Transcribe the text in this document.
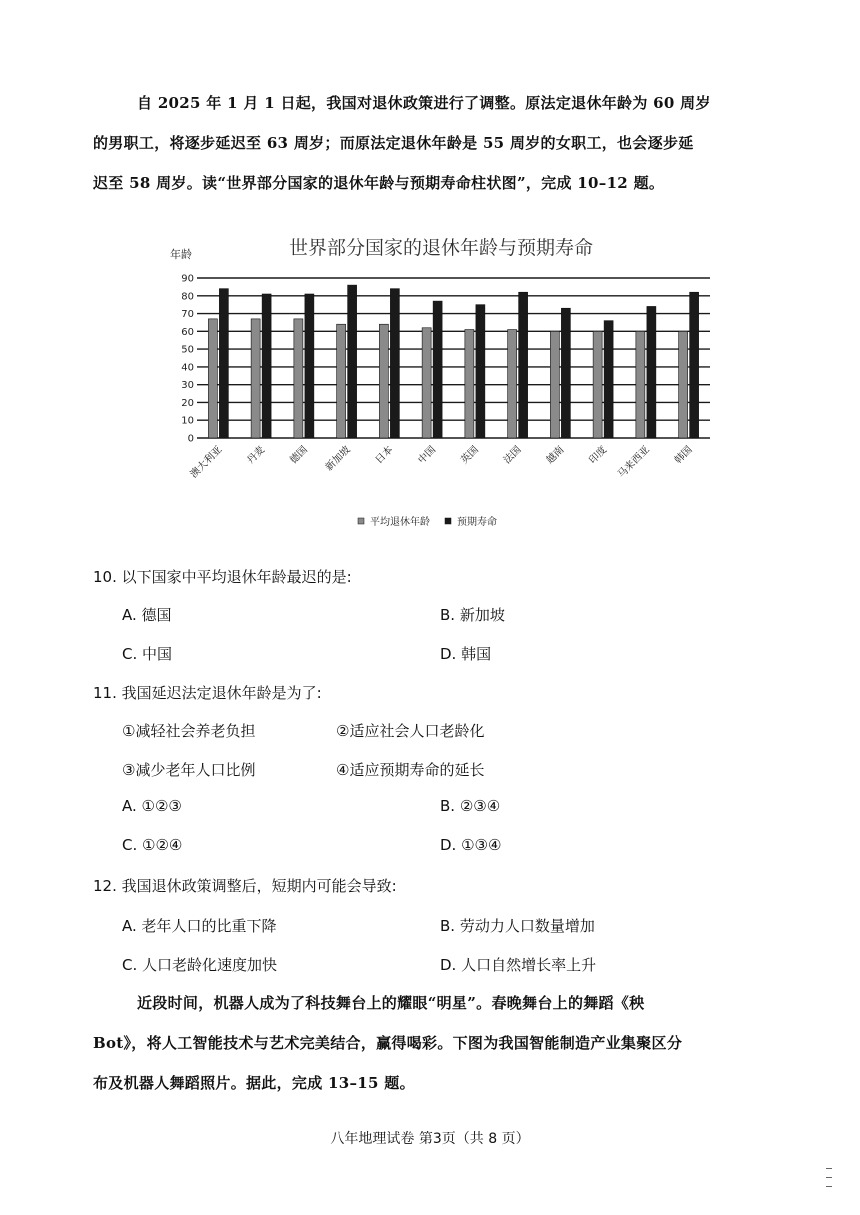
自 2025 年 1 月 1 日起，我国对退休政策进行了调整。原法定退休年龄为 60 周岁
的男职工，将逐步延迟至 63 周岁；而原法定退休年龄是 55 周岁的女职工，也会逐步延
迟至 58 周岁。读“世界部分国家的退休年龄与预期寿命柱状图”，完成 10–12 题。

世界部分国家的退休年龄与预期寿命
年龄
0
10
20
30
40
50
60
70
80
90
澳大利亚 丹麦 德国 新加坡 日本 中国 英国 法国 越南 印度 马来西亚 韩国
平均退休年龄	预期寿命

10. 以下国家中平均退休年龄最迟的是:

A. 德国	B. 新加坡
C. 中国	D. 韩国

11. 我国延迟法定退休年龄是为了:

①减轻社会养老负担	②适应社会人口老龄化
③减少老年人口比例	④适应预期寿命的延长
A. ①②③	B. ②③④
C. ①②④	D. ①③④

12. 我国退休政策调整后，短期内可能会导致:

A. 老年人口的比重下降	B. 劳动力人口数量增加
C. 人口老龄化速度加快	D. 人口自然增长率上升

近段时间，机器人成为了科技舞台上的耀眼“明星”。春晚舞台上的舞蹈《秧
Bot》，将人工智能技术与艺术完美结合，赢得喝彩。下图为我国智能制造产业集聚区分
布及机器人舞蹈照片。据此，完成 13–15 题。

八年地理试卷 第3页（共 8 页）
